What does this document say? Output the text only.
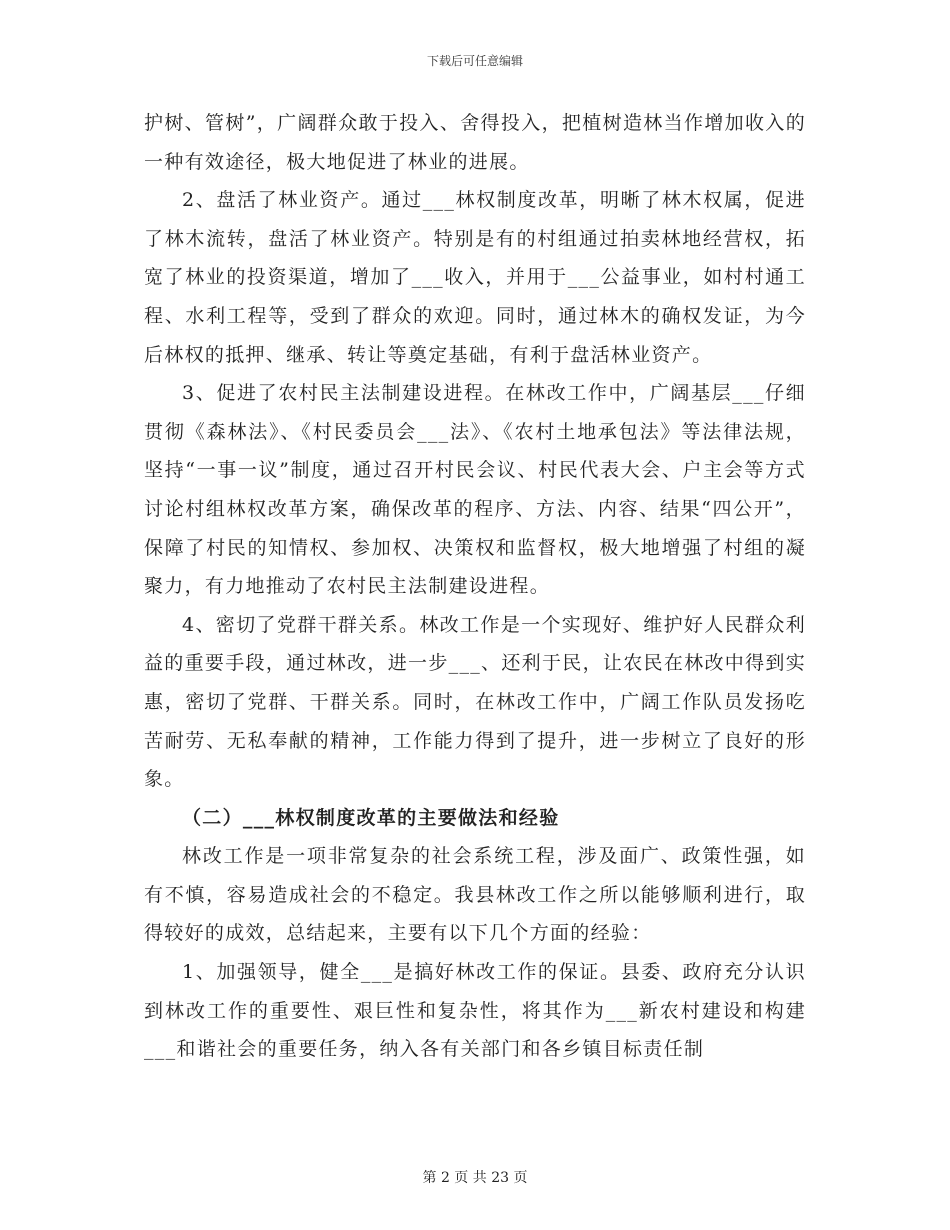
下载后可任意编辑

护树、管树”，广阔群众敢于投入、舍得投入，把植树造林当作增加收入的一种有效途径，极大地促进了林业的进展。

2、盘活了林业资产。通过___林权制度改革，明晰了林木权属，促进了林木流转，盘活了林业资产。特别是有的村组通过拍卖林地经营权，拓宽了林业的投资渠道，增加了___收入，并用于___公益事业，如村村通工程、水利工程等，受到了群众的欢迎。同时，通过林木的确权发证，为今后林权的抵押、继承、转让等奠定基础，有利于盘活林业资产。

3、促进了农村民主法制建设进程。在林改工作中，广阔基层___仔细贯彻《森林法》、《村民委员会___法》、《农村土地承包法》等法律法规，坚持“一事一议”制度，通过召开村民会议、村民代表大会、户主会等方式讨论村组林权改革方案，确保改革的程序、方法、内容、结果“四公开”，保障了村民的知情权、参加权、决策权和监督权，极大地增强了村组的凝聚力，有力地推动了农村民主法制建设进程。

4、密切了党群干群关系。林改工作是一个实现好、维护好人民群众利益的重要手段，通过林改，进一步___、还利于民，让农民在林改中得到实惠，密切了党群、干群关系。同时，在林改工作中，广阔工作队员发扬吃苦耐劳、无私奉献的精神，工作能力得到了提升，进一步树立了良好的形象。

（二）___林权制度改革的主要做法和经验

林改工作是一项非常复杂的社会系统工程，涉及面广、政策性强，如有不慎，容易造成社会的不稳定。我县林改工作之所以能够顺利进行，取得较好的成效，总结起来，主要有以下几个方面的经验：

1、加强领导，健全___是搞好林改工作的保证。县委、政府充分认识到林改工作的重要性、艰巨性和复杂性，将其作为___新农村建设和构建___和谐社会的重要任务，纳入各有关部门和各乡镇目标责任制

第 2 页 共 23 页
